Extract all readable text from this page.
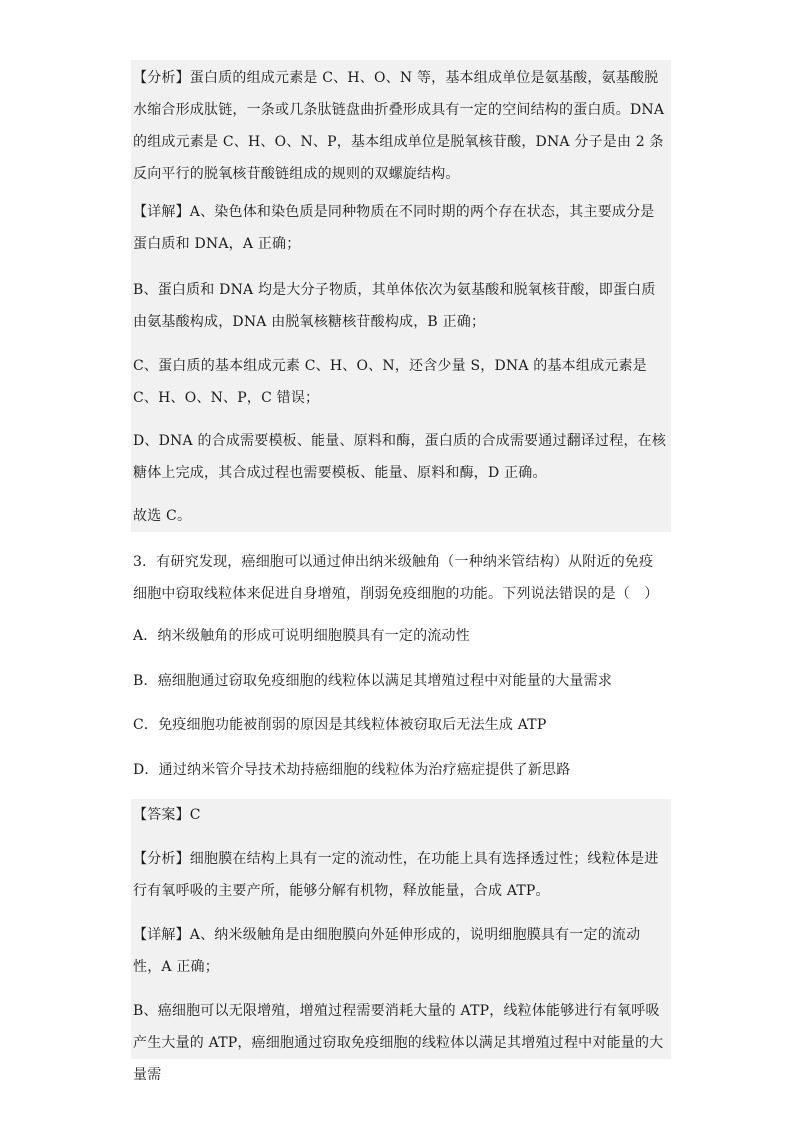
【分析】蛋白质的组成元素是 C、H、O、N 等，基本组成单位是氨基酸，氨基酸脱水缩合形成肽链，一条或几条肽链盘曲折叠形成具有一定的空间结构的蛋白质。DNA 的组成元素是 C、H、O、N、P，基本组成单位是脱氧核苷酸，DNA 分子是由 2 条反向平行的脱氧核苷酸链组成的规则的双螺旋结构。
【详解】A、染色体和染色质是同种物质在不同时期的两个存在状态，其主要成分是蛋白质和 DNA，A 正确；
B、蛋白质和 DNA 均是大分子物质，其单体依次为氨基酸和脱氧核苷酸，即蛋白质由氨基酸构成，DNA 由脱氧核糖核苷酸构成，B 正确；
C、蛋白质的基本组成元素 C、H、O、N，还含少量 S，DNA 的基本组成元素是 C、H、O、N、P，C 错误；
D、DNA 的合成需要模板、能量、原料和酶，蛋白质的合成需要通过翻译过程，在核糖体上完成，其合成过程也需要模板、能量、原料和酶，D 正确。
故选 C。
3．有研究发现，癌细胞可以通过伸出纳米级触角（一种纳米管结构）从附近的免疫细胞中窃取线粒体来促进自身增殖，削弱免疫细胞的功能。下列说法错误的是（　）
A．纳米级触角的形成可说明细胞膜具有一定的流动性
B．癌细胞通过窃取免疫细胞的线粒体以满足其增殖过程中对能量的大量需求
C．免疫细胞功能被削弱的原因是其线粒体被窃取后无法生成 ATP
D．通过纳米管介导技术劫持癌细胞的线粒体为治疗癌症提供了新思路
【答案】C
【分析】细胞膜在结构上具有一定的流动性，在功能上具有选择透过性；线粒体是进行有氧呼吸的主要产所，能够分解有机物，释放能量，合成 ATP。
【详解】A、纳米级触角是由细胞膜向外延伸形成的，说明细胞膜具有一定的流动性，A 正确；
B、癌细胞可以无限增殖，增殖过程需要消耗大量的 ATP，线粒体能够进行有氧呼吸产生大量的 ATP，癌细胞通过窃取免疫细胞的线粒体以满足其增殖过程中对能量的大量需
